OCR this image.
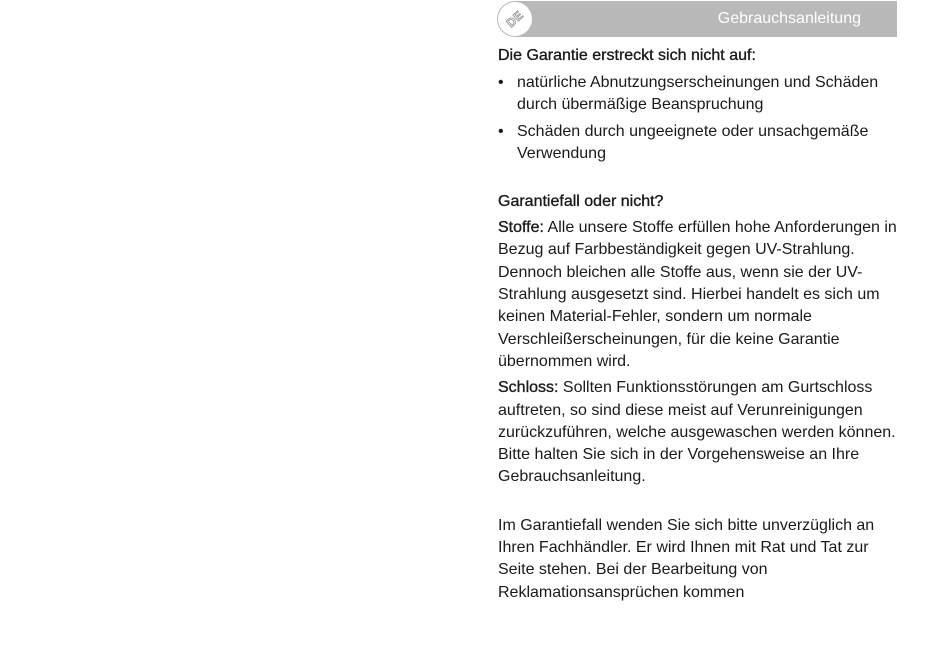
DE	Gebrauchsanleitung
Die Garantie erstreckt sich nicht auf:
• natürliche Abnutzungserscheinungen und Schäden durch übermäßige Beanspruchung
• Schäden durch ungeeignete oder unsachgemäße Verwendung
Garantiefall oder nicht?

Stoffe: Alle unsere Stoffe erfüllen hohe Anforderungen in Bezug auf Farbbeständigkeit gegen UV-Strahlung. Dennoch bleichen alle Stoffe aus, wenn sie der UV-Strahlung ausgesetzt sind. Hierbei handelt es sich um keinen Material-Fehler, sondern um normale Verschleißerscheinungen, für die keine Garantie übernommen wird.

Schloss: Sollten Funktionsstörungen am Gurtschloss auftreten, so sind diese meist auf Verunreinigungen zurückzuführen, welche ausgewaschen werden können. Bitte halten Sie sich in der Vorgehensweise an Ihre Gebrauchsanleitung.

Im Garantiefall wenden Sie sich bitte unverzüglich an Ihren Fachhändler. Er wird Ihnen mit Rat und Tat zur Seite stehen. Bei der Bearbeitung von Reklamationsansprüchen kommen
